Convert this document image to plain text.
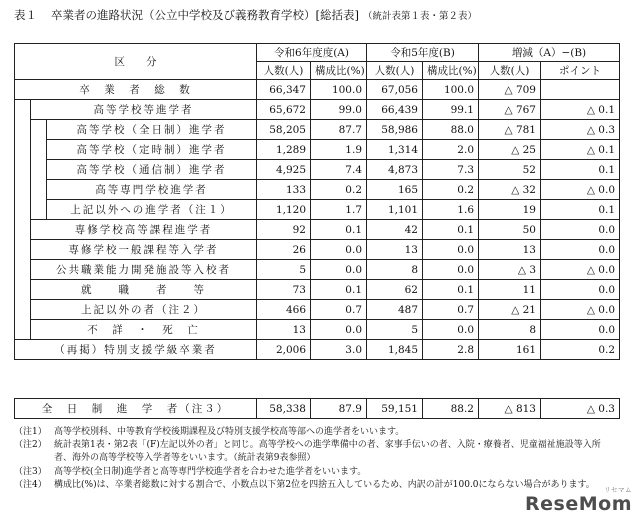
表１ 卒業者の進路状況（公立中学校及び義務教育学校）[総括表] （統計表第１表・第２表）
区　　分			令和6年度度(A)		令和5年度(B)		増減（A）−(B)	
			人数(人)	構成比(%)	人数(人)	構成比(%)	人数(人)	ポイント
卒　業　者　総　数			66,347	100.0	67,056	100.0	△ 709	
	高等学校等進学者		65,672	99.0	66,439	99.1	△ 767	△ 0.1
		高等学校（全日制）進学者	58,205	87.7	58,986	88.0	△ 781	△ 0.3
		高等学校（定時制）進学者	1,289	1.9	1,314	2.0	△ 25	△ 0.1
		高等学校（通信制）進学者	4,925	7.4	4,873	7.3	52	0.1
		高等専門学校進学者	133	0.2	165	0.2	△ 32	△ 0.0
		上記以外への進学者（注１）	1,120	1.7	1,101	1.6	19	0.1
	専修学校高等課程進学者		92	0.1	42	0.1	50	0.0
	専修学校一般課程等入学者		26	0.0	13	0.0	13	0.0
	公共職業能力開発施設等入校者		5	0.0	8	0.0	△ 3	△ 0.0
	就　　職　　者　　等		73	0.1	62	0.1	11	0.0
	上記以外の者（注２）		466	0.7	487	0.7	△ 21	△ 0.0
	不　詳　・　死　亡		13	0.0	5	0.0	8	0.0
（再掲）特別支援学級卒業者			2,006	3.0	1,845	2.8	161	0.2
全　日　制　進　学　者（注３）	58,338	87.9	59,151	88.2	△ 813	△ 0.3
（注1） 高等学校別科、中等教育学校後期課程及び特別支援学校高等部への進学者をいいます。
（注2） 統計表第1表・第2表「(F)左記以外の者」と同じ。高等学校への進学準備中の者、家事手伝いの者、入院・療養者、児童福祉施設等入所者、海外の高等学校等入学者等をいいます。（統計表第9表参照）
（注3） 高等学校(全日制)進学者と高等専門学校進学者を合わせた進学者をいいます。
（注4） 構成比(%)は、卒業者総数に対する割合で、小数点以下第2位を四捨五入しているため、内訳の計が100.0にならない場合があります。
ReseMom
リセマム
